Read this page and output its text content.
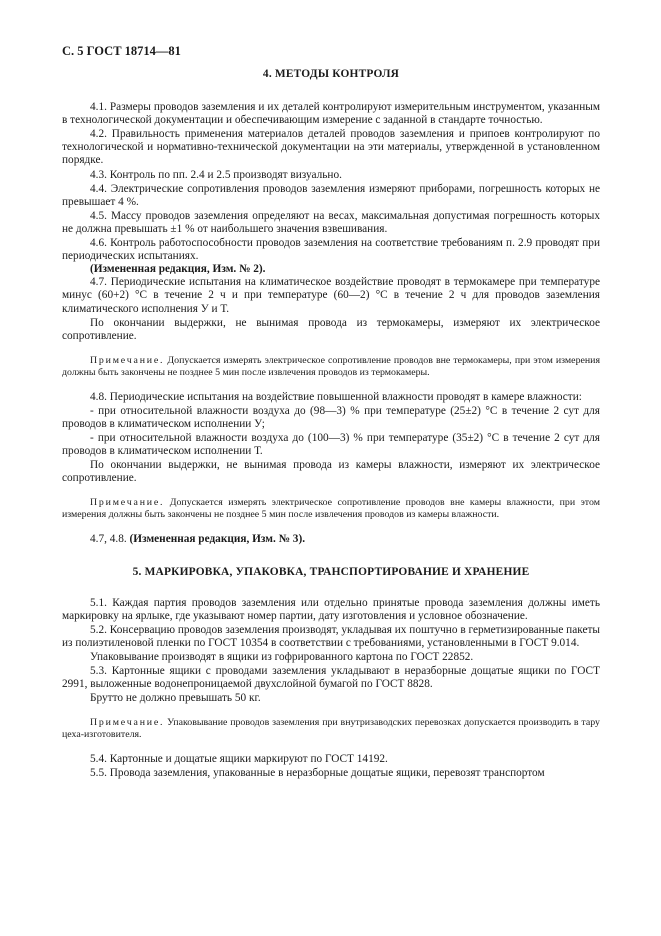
С. 5 ГОСТ 18714—81
4. МЕТОДЫ КОНТРОЛЯ

4.1. Размеры проводов заземления и их деталей контролируют измерительным инструментом, указанным в технологической документации и обеспечивающим измерение с заданной в стандарте точностью.

4.2. Правильность применения материалов деталей проводов заземления и припоев контролируют по технологической и нормативно-технической документации на эти материалы, утвержденной в установленном порядке.

4.3. Контроль по пп. 2.4 и 2.5 производят визуально.

4.4. Электрические сопротивления проводов заземления измеряют приборами, погрешность которых не превышает 4 %.

4.5. Массу проводов заземления определяют на весах, максимальная допустимая погрешность которых не должна превышать ±1 % от наибольшего значения взвешивания.

4.6. Контроль работоспособности проводов заземления на соответствие требованиям п. 2.9 проводят при периодических испытаниях.

(Измененная редакция, Изм. № 2).

4.7. Периодические испытания на климатическое воздействие проводят в термокамере при температуре минус (60+2) °С в течение 2 ч и при температуре (60—2) °С в течение 2 ч для проводов заземления климатического исполнения У и Т.

По окончании выдержки, не вынимая провода из термокамеры, измеряют их электрическое сопротивление.

Примечание. Допускается измерять электрическое сопротивление проводов вне термокамеры, при этом измерения должны быть закончены не позднее 5 мин после извлечения проводов из термокамеры.

4.8. Периодические испытания на воздействие повышенной влажности проводят в камере влажности:

- при относительной влажности воздуха до (98—3) % при температуре (25±2) °С в течение 2 сут для проводов в климатическом исполнении У;

- при относительной влажности воздуха до (100—3) % при температуре (35±2) °С в течение 2 сут для проводов в климатическом исполнении Т.

По окончании выдержки, не вынимая провода из камеры влажности, измеряют их электрическое сопротивление.

Примечание. Допускается измерять электрическое сопротивление проводов вне камеры влажности, при этом измерения должны быть закончены не позднее 5 мин после извлечения проводов из камеры влажности.

4.7, 4.8. (Измененная редакция, Изм. № 3).

5. МАРКИРОВКА, УПАКОВКА, ТРАНСПОРТИРОВАНИЕ И ХРАНЕНИЕ

5.1. Каждая партия проводов заземления или отдельно принятые провода заземления должны иметь маркировку на ярлыке, где указывают номер партии, дату изготовления и условное обозначение.

5.2. Консервацию проводов заземления производят, укладывая их поштучно в герметизированные пакеты из полиэтиленовой пленки по ГОСТ 10354 в соответствии с требованиями, установленными в ГОСТ 9.014.

Упаковывание производят в ящики из гофрированного картона по ГОСТ 22852.

5.3. Картонные ящики с проводами заземления укладывают в неразборные дощатые ящики по ГОСТ 2991, выложенные водонепроницаемой двухслойной бумагой по ГОСТ 8828.

Брутто не должно превышать 50 кг.

Примечание. Упаковывание проводов заземления при внутризаводских перевозках допускается производить в тару цеха-изготовителя.

5.4. Картонные и дощатые ящики маркируют по ГОСТ 14192.

5.5. Провода заземления, упакованные в неразборные дощатые ящики, перевозят транспортом
